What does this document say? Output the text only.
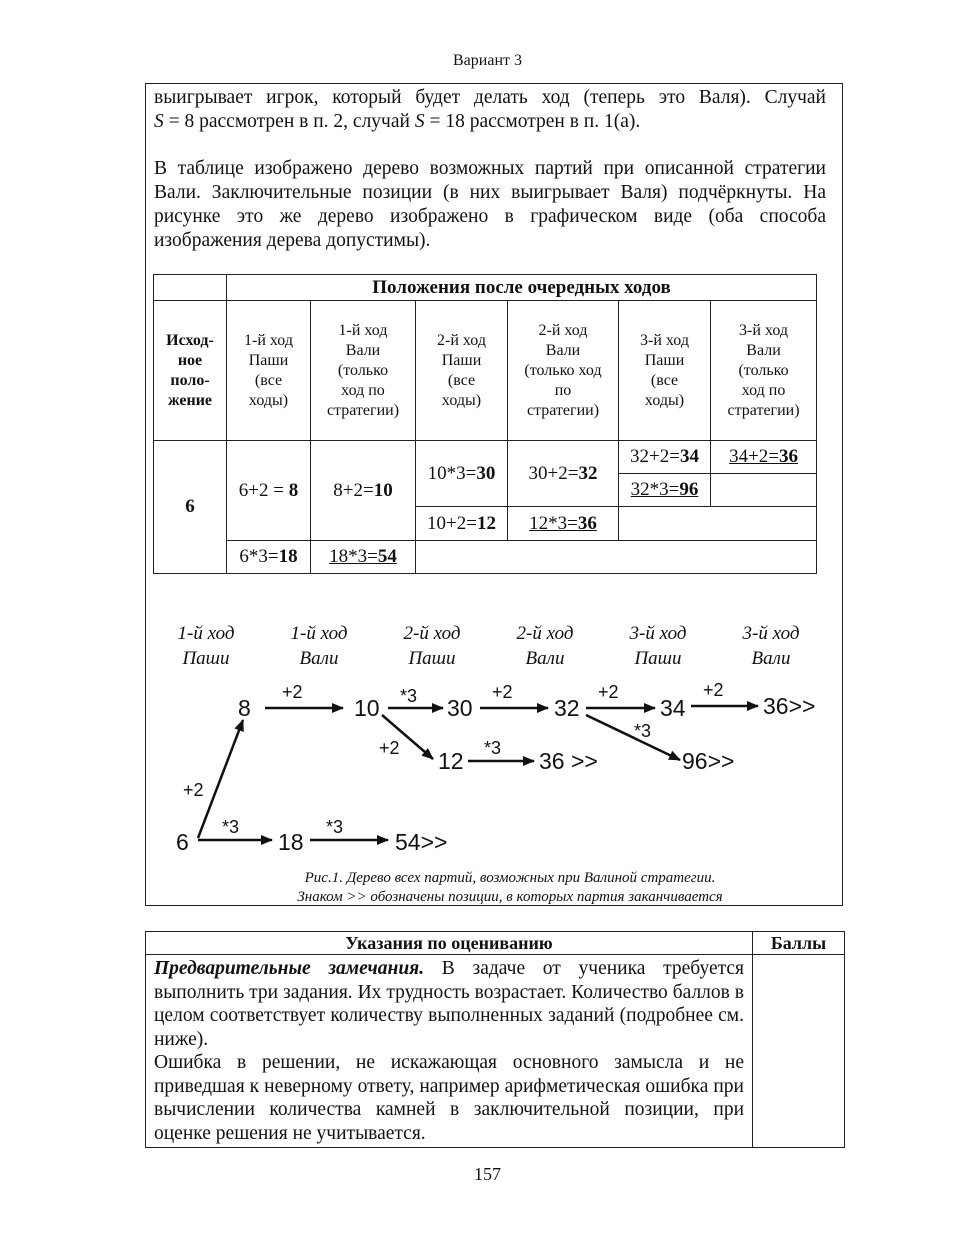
Вариант 3

выигрывает игрок, который будет делать ход (теперь это Валя). Случай

S = 8 рассмотрен в п. 2, случай S = 18 рассмотрен в п. 1(а).

В таблице изображено дерево возможных партий при описанной стратегии Вали. Заключительные позиции (в них выигрывает Валя) подчёркнуты. На рисунке это же дерево изображено в графическом виде (оба способа изображения дерева допустимы).

	Положения после очередных ходов					
Исход-
ное
поло-
жение	1-й ход
Паши
(все
ходы)	1-й ход
Вали
(только
ход по
стратегии)	2-й ход
Паши
(все
ходы)	2-й ход
Вали
(только ход
по
стратегии)	3-й ход
Паши
(все
ходы)	3-й ход
Вали
(только
ход по
стратегии)
6	6+2 = 8	8+2=10	10*3=30	30+2=32	32+2=34	34+2=36
					32*3=96	
			10+2=12	12*3=36		
	6*3=18	18*3=54				
1-й ход
Паши
1-й ход
Вали
2-й ход
Паши
2-й ход
Вали
3-й ход
Паши
3-й ход
Вали
6
8	10	30	32	34	36>>
12	36 >>	96>>
18	54>>
+2
+2	*3	+2	+2	+2
*3
+2	*3
*3	*3
Рис.1. Дерево всех партий, возможных при Валиной стратегии.
Знаком >> обозначены позиции, в которых партия заканчивается
Указания по оцениванию	Баллы

Предварительные замечания. В задаче от ученика требуется выполнить три задания. Их трудность возрастает. Количество баллов в целом соответствует количеству выполненных заданий (подробнее см. ниже).

Ошибка в решении, не искажающая основного замысла и не приведшая к неверному ответу, например арифметическая ошибка при вычислении количества камней в заключительной позиции, при оценке решения не учитывается.	

157
